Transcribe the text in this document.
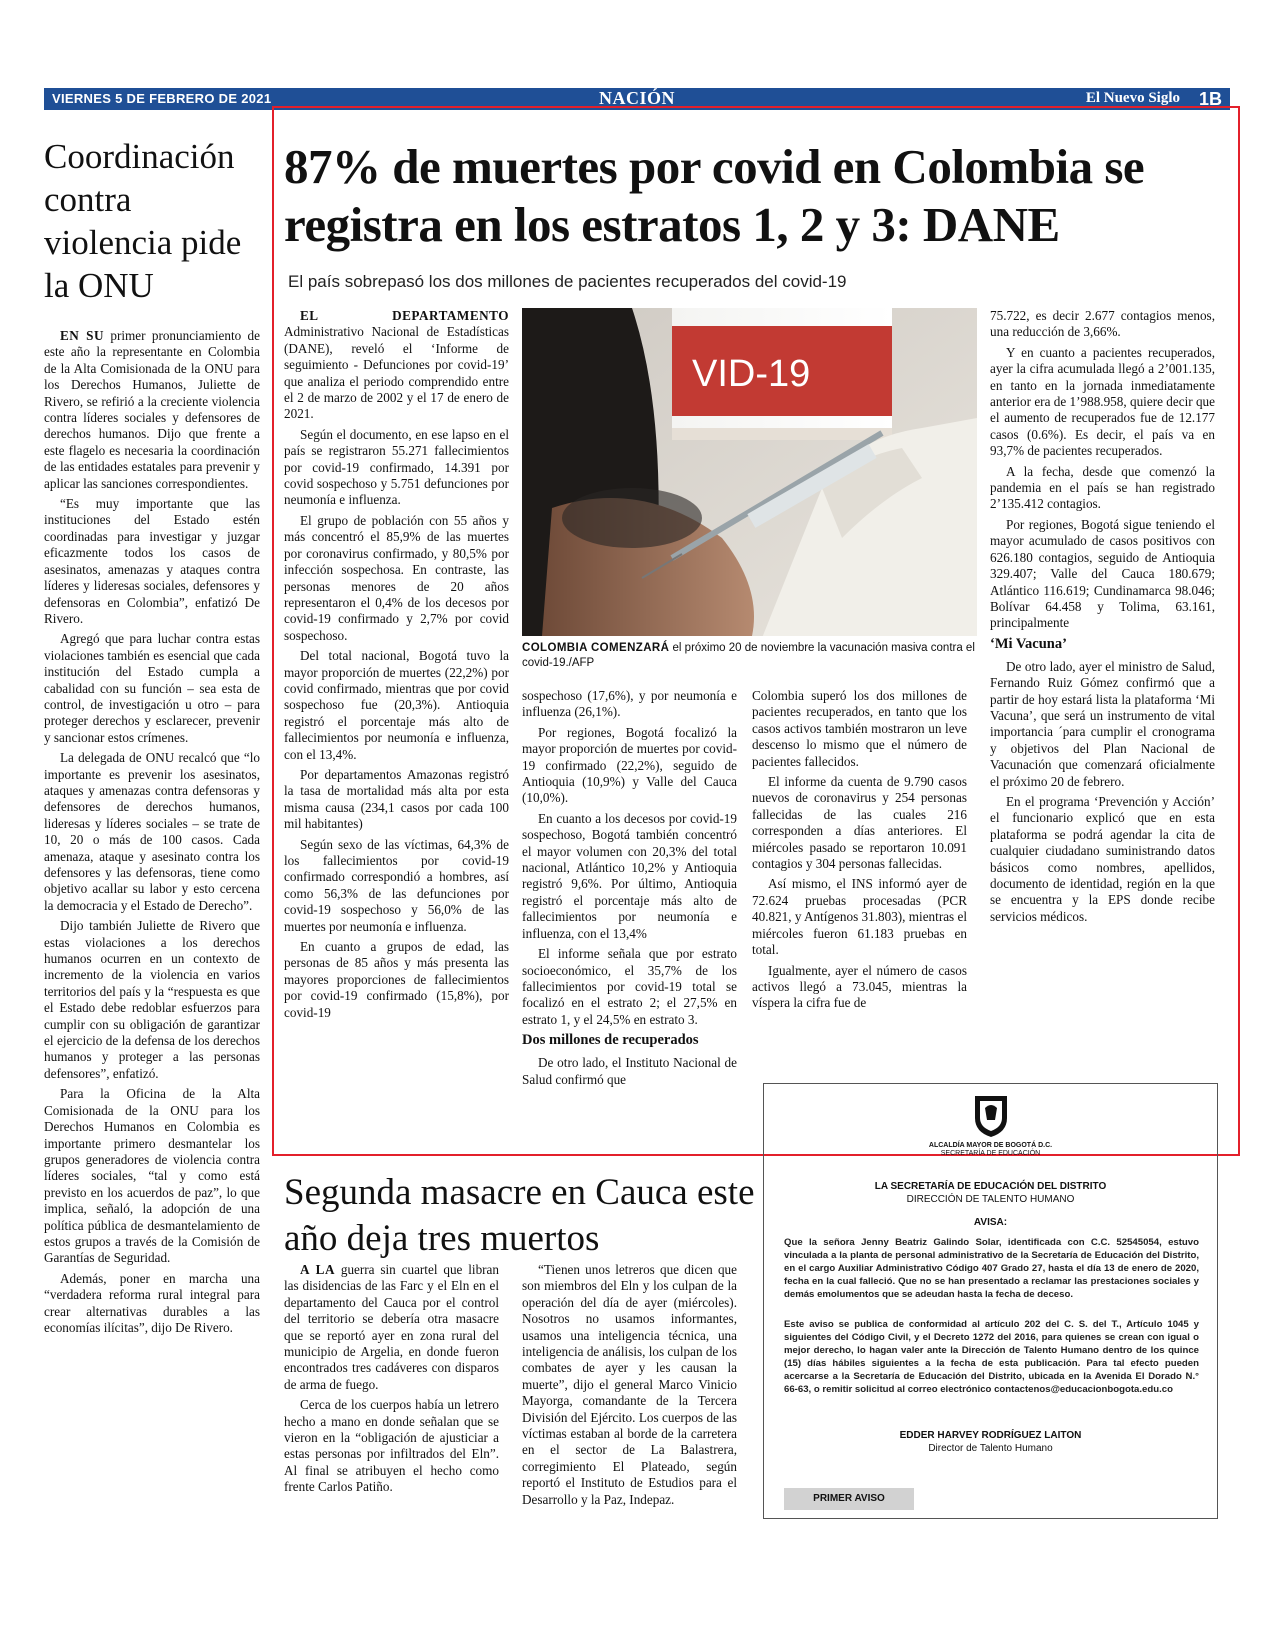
VIERNES 5 DE FEBRERO DE 2021	NACIÓN	El Nuevo Siglo 1B
Coordinación contra violencia pide la ONU

EN SU primer pronunciamiento de este año la representante en Colombia de la Alta Comisionada de la ONU para los Derechos Humanos, Juliette de Rivero, se refirió a la creciente violencia contra líderes sociales y defensores de derechos humanos. Dijo que frente a este flagelo es necesaria la coordinación de las entidades estatales para prevenir y aplicar las sanciones correspondientes.

“Es muy importante que las instituciones del Estado estén coordinadas para investigar y juzgar eficazmente todos los casos de asesinatos, amenazas y ataques contra líderes y lideresas sociales, defensores y defensoras en Colombia”, enfatizó De Rivero.

Agregó que para luchar contra estas violaciones también es esencial que cada institución del Estado cumpla a cabalidad con su función – sea esta de control, de investigación u otro – para proteger derechos y esclarecer, prevenir y sancionar estos crímenes.

La delegada de ONU recalcó que “lo importante es prevenir los asesinatos, ataques y amenazas contra defensoras y defensores de derechos humanos, lideresas y líderes sociales – se trate de 10, 20 o más de 100 casos. Cada amenaza, ataque y asesinato contra los defensores y las defensoras, tiene como objetivo acallar su labor y esto cercena la democracia y el Estado de Derecho”.

Dijo también Juliette de Rivero que estas violaciones a los derechos humanos ocurren en un contexto de incremento de la violencia en varios territorios del país y la “respuesta es que el Estado debe redoblar esfuerzos para cumplir con su obligación de garantizar el ejercicio de la defensa de los derechos humanos y proteger a las personas defensores”, enfatizó.

Para la Oficina de la Alta Comisionada de la ONU para los Derechos Humanos en Colombia es importante primero desmantelar los grupos generadores de violencia contra líderes sociales, “tal y como está previsto en los acuerdos de paz”, lo que implica, señaló, la adopción de una política pública de desmantelamiento de estos grupos a través de la Comisión de Garantías de Seguridad.

Además, poner en marcha una “verdadera reforma rural integral para crear alternativas durables a las economías ilícitas”, dijo De Rivero.

87% de muertes por covid en Colombia se registra en los estratos 1, 2 y 3: DANE
El país sobrepasó los dos millones de pacientes recuperados del covid-19

EL DEPARTAMENTO Administrativo Nacional de Estadísticas (DANE), reveló el ‘Informe de seguimiento - Defunciones por covid-19’ que analiza el periodo comprendido entre el 2 de marzo de 2002 y el 17 de enero de 2021.

Según el documento, en ese lapso en el país se registraron 55.271 fallecimientos por covid-19 confirmado, 14.391 por covid sospechoso y 5.751 defunciones por neumonía e influenza.

El grupo de población con 55 años y más concentró el 85,9% de las muertes por coronavirus confirmado, y 80,5% por infección sospechosa. En contraste, las personas menores de 20 años representaron el 0,4% de los decesos por covid-19 confirmado y 2,7% por covid sospechoso.

Del total nacional, Bogotá tuvo la mayor proporción de muertes (22,2%) por covid confirmado, mientras que por covid sospechoso fue (20,3%). Antioquia registró el porcentaje más alto de fallecimientos por neumonía e influenza, con el 13,4%.

Por departamentos Amazonas registró la tasa de mortalidad más alta por esta misma causa (234,1 casos por cada 100 mil habitantes)

Según sexo de las víctimas, 64,3% de los fallecimientos por covid-19 confirmado correspondió a hombres, así como 56,3% de las defunciones por covid-19 sospechoso y 56,0% de las muertes por neumonía e influenza.

En cuanto a grupos de edad, las personas de 85 años y más presenta las mayores proporciones de fallecimientos por covid-19 confirmado (15,8%), por covid-19

VID-19
COLOMBIA COMENZARÁ el próximo 20 de noviembre la vacunación masiva contra el covid-19./AFP

sospechoso (17,6%), y por neumonía e influenza (26,1%).

Por regiones, Bogotá focalizó la mayor proporción de muertes por covid-19 confirmado (22,2%), seguido de Antioquia (10,9%) y Valle del Cauca (10,0%).

En cuanto a los decesos por covid-19 sospechoso, Bogotá también concentró el mayor volumen con 20,3% del total nacional, Atlántico 10,2% y Antioquia registró 9,6%. Por último, Antioquia registró el porcentaje más alto de fallecimientos por neumonía e influenza, con el 13,4%

El informe señala que por estrato socioeconómico, el 35,7% de los fallecimientos por covid-19 total se focalizó en el estrato 2; el 27,5% en estrato 1, y el 24,5% en estrato 3.

Dos millones de recuperados

De otro lado, el Instituto Nacional de Salud confirmó que

Colombia superó los dos millones de pacientes recuperados, en tanto que los casos activos también mostraron un leve descenso lo mismo que el número de pacientes fallecidos.

El informe da cuenta de 9.790 casos nuevos de coronavirus y 254 personas fallecidas de las cuales 216 corresponden a días anteriores. El miércoles pasado se reportaron 10.091 contagios y 304 personas fallecidas.

Así mismo, el INS informó ayer de 72.624 pruebas procesadas (PCR 40.821, y Antígenos 31.803), mientras el miércoles fueron 61.183 pruebas en total.

Igualmente, ayer el número de casos activos llegó a 73.045, mientras la víspera la cifra fue de

75.722, es decir 2.677 contagios menos, una reducción de 3,66%.

Y en cuanto a pacientes recuperados, ayer la cifra acumulada llegó a 2’001.135, en tanto en la jornada inmediatamente anterior era de 1’988.958, quiere decir que el aumento de recuperados fue de 12.177 casos (0.6%). Es decir, el país va en 93,7% de pacientes recuperados.

A la fecha, desde que comenzó la pandemia en el país se han registrado 2’135.412 contagios.

Por regiones, Bogotá sigue teniendo el mayor acumulado de casos positivos con 626.180 contagios, seguido de Antioquia 329.407; Valle del Cauca 180.679; Atlántico 116.619; Cundinamarca 98.046; Bolívar 64.458 y Tolima, 63.161, principalmente

‘Mi Vacuna’

De otro lado, ayer el ministro de Salud, Fernando Ruiz Gómez confirmó que a partir de hoy estará lista la plataforma ‘Mi Vacuna’, que será un instrumento de vital importancia ´para cumplir el cronograma y objetivos del Plan Nacional de Vacunación que comenzará oficialmente el próximo 20 de febrero.

En el programa ‘Prevención y Acción’ el funcionario explicó que en esta plataforma se podrá agendar la cita de cualquier ciudadano suministrando datos básicos como nombres, apellidos, documento de identidad, región en la que se encuentra y la EPS donde recibe servicios médicos.

Segunda masacre en Cauca este año deja tres muertos

A LA guerra sin cuartel que libran las disidencias de las Farc y el Eln en el departamento del Cauca por el control del territorio se debería otra masacre que se reportó ayer en zona rural del municipio de Argelia, en donde fueron encontrados tres cadáveres con disparos de arma de fuego.

Cerca de los cuerpos había un letrero hecho a mano en donde señalan que se vieron en la “obligación de ajusticiar a estas personas por infiltrados del Eln”. Al final se atribuyen el hecho como frente Carlos Patiño.

“Tienen unos letreros que dicen que son miembros del Eln y los culpan de la operación del día de ayer (miércoles). Nosotros no usamos informantes, usamos una inteligencia técnica, una inteligencia de análisis, los culpan de los combates de ayer y les causan la muerte”, dijo el general Marco Vinicio Mayorga, comandante de la Tercera División del Ejército. Los cuerpos de las víctimas estaban al borde de la carretera en el sector de La Balastrera, corregimiento El Plateado, según reportó el Instituto de Estudios para el Desarrollo y la Paz, Indepaz.

ALCALDÍA MAYOR DE BOGOTÁ D.C.
SECRETARÍA DE EDUCACIÓN
LA SECRETARÍA DE EDUCACIÓN DEL DISTRITO
DIRECCIÓN DE TALENTO HUMANO
AVISA:
Que la señora Jenny Beatriz Galindo Solar, identificada con C.C. 52545054, estuvo vinculada a la planta de personal administrativo de la Secretaría de Educación del Distrito, en el cargo Auxiliar Administrativo Código 407 Grado 27, hasta el día 13 de enero de 2020, fecha en la cual falleció. Que no se han presentado a reclamar las prestaciones sociales y demás emolumentos que se adeudan hasta la fecha de deceso.
Este aviso se publica de conformidad al artículo 202 del C. S. del T., Artículo 1045 y siguientes del Código Civil, y el Decreto 1272 del 2016, para quienes se crean con igual o mejor derecho, lo hagan valer ante la Dirección de Talento Humano dentro de los quince (15) días hábiles siguientes a la fecha de esta publicación. Para tal efecto pueden acercarse a la Secretaría de Educación del Distrito, ubicada en la Avenida El Dorado N.° 66-63, o remitir solicitud al correo electrónico contactenos@educacionbogota.edu.co
EDDER HARVEY RODRÍGUEZ LAITON
Director de Talento Humano
PRIMER AVISO
